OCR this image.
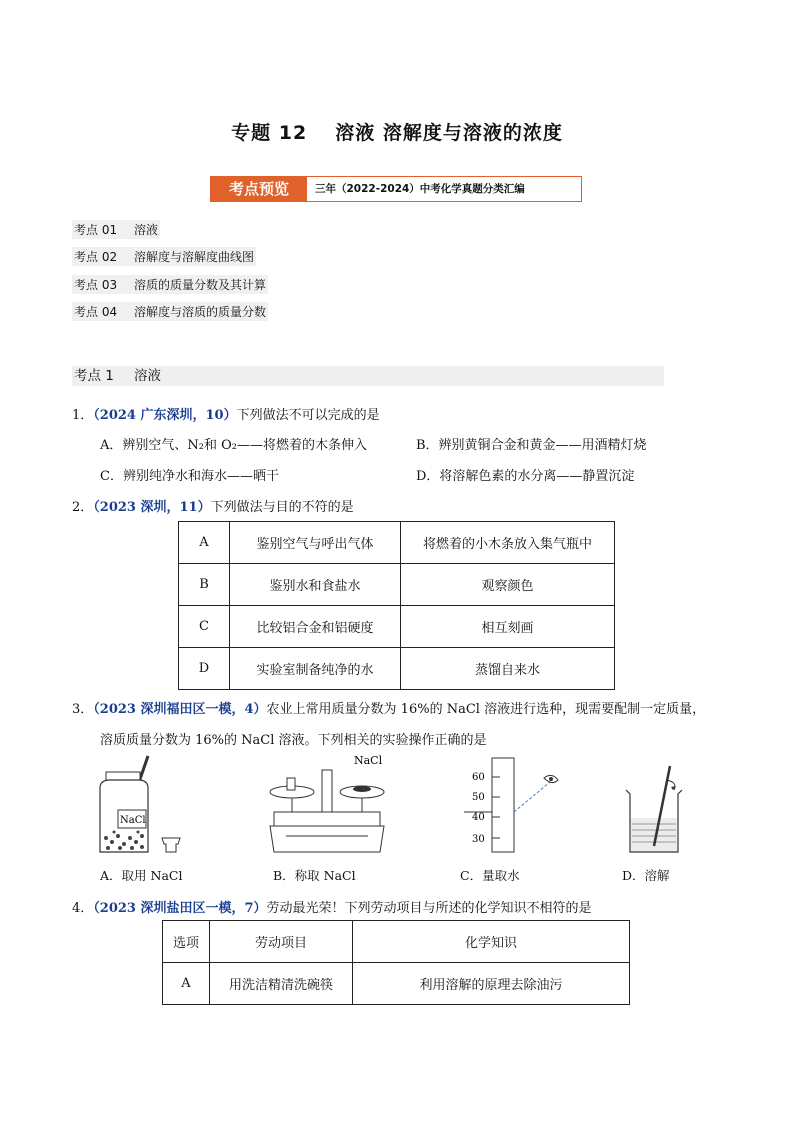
专题 12 溶液 溶解度与溶液的浓度
考点预览	三年（2022-2024）中考化学真题分类汇编
考点 01 溶液
考点 02 溶解度与溶解度曲线图
考点 03 溶质的质量分数及其计算
考点 04 溶解度与溶质的质量分数
考点 1 溶液
1．（2024 广东深圳，10）下列做法不可以完成的是
A．辨别空气、N₂和 O₂——将燃着的木条伸入	B．辨别黄铜合金和黄金——用酒精灯烧
C．辨别纯净水和海水——晒干	D．将溶解色素的水分离——静置沉淀
2．（2023 深圳，11）下列做法与目的不符的是
A	鉴别空气与呼出气体	将燃着的小木条放入集气瓶中
B	鉴别水和食盐水	观察颜色
C	比较铝合金和铝硬度	相互刻画
D	实验室制备纯净的水	蒸馏自来水
3．（2023 深圳福田区一模，4）农业上常用质量分数为 16%的 NaCl 溶液进行选种，现需要配制一定质量，
溶质质量分数为 16%的 NaCl 溶液。下列相关的实验操作正确的是
NaCl
A．取用 NaCl
NaCl
B．称取 NaCl
60
50
40
30
C．量取水	D．溶解
4．（2023 深圳盐田区一模，7）劳动最光荣！下列劳动项目与所述的化学知识不相符的是
选项	劳动项目	化学知识
A	用洗洁精清洗碗筷	利用溶解的原理去除油污
